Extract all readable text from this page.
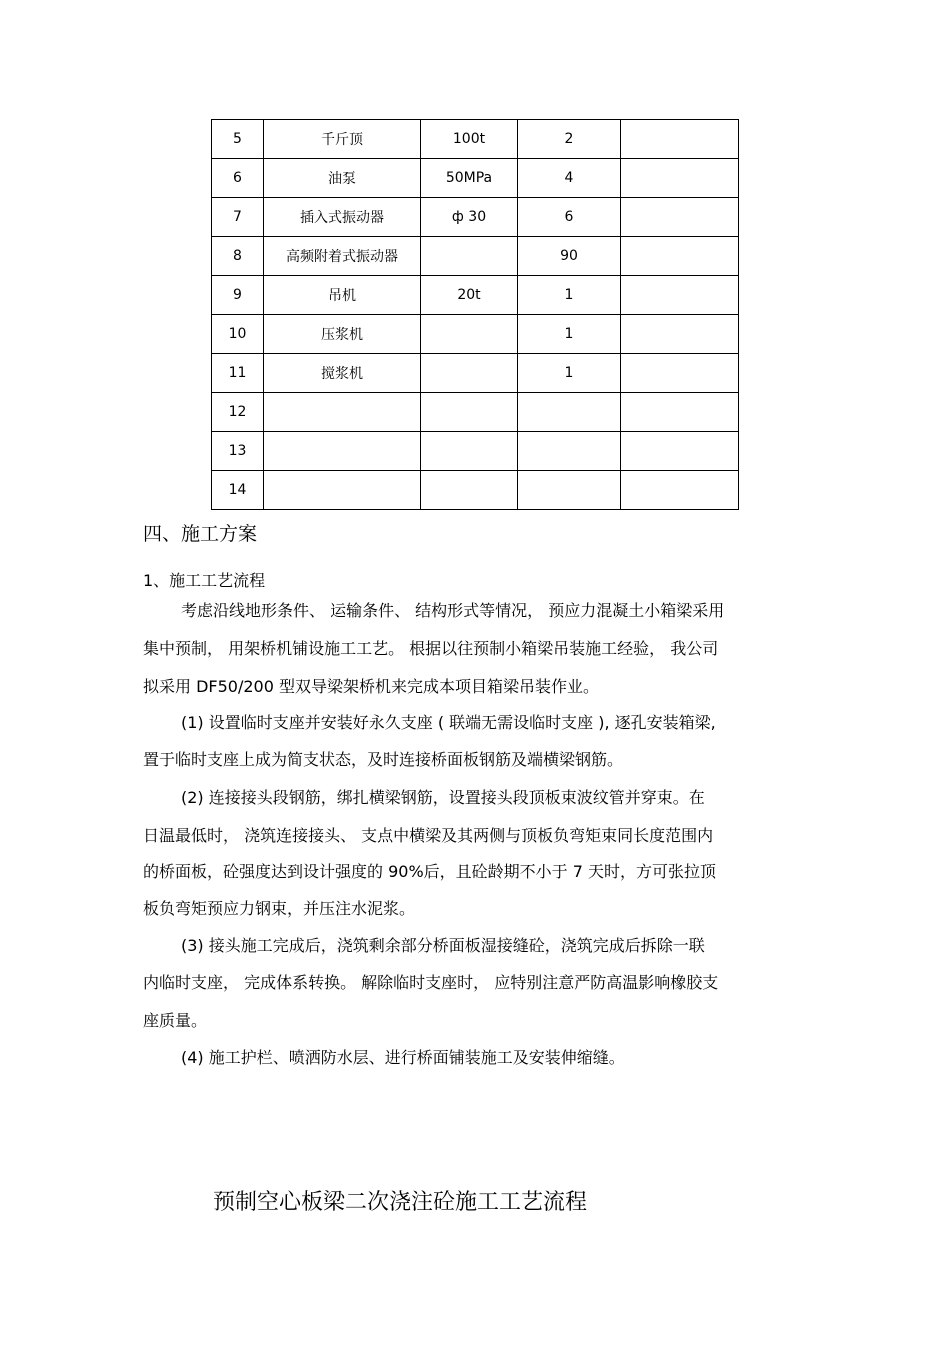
5	千斤顶	100t	2	
6	油泵	50MPa	4	
7	插入式振动器	ф 30	6	
8	高频附着式振动器		90	
9	吊机	20t	1	
10	压浆机		1	
11	搅浆机		1	
12				
13				
14				
四、施工方案
1、施工工艺流程
考虑沿线地形条件、 运输条件、 结构形式等情况， 预应力混凝土小箱梁采用
集中预制， 用架桥机铺设施工工艺。 根据以往预制小箱梁吊装施工经验， 我公司
拟采用 DF50/200 型双导梁架桥机来完成本项目箱梁吊装作业。
(1) 设置临时支座并安装好永久支座 ( 联端无需设临时支座 ), 逐孔安装箱梁,
置于临时支座上成为简支状态，及时连接桥面板钢筋及端横梁钢筋。
(2) 连接接头段钢筋，绑扎横梁钢筋，设置接头段顶板束波纹管并穿束。在
日温最低时， 浇筑连接接头、 支点中横梁及其两侧与顶板负弯矩束同长度范围内
的桥面板，砼强度达到设计强度的 90%后，且砼龄期不小于 7 天时，方可张拉顶
板负弯矩预应力钢束，并压注水泥浆。
(3) 接头施工完成后，浇筑剩余部分桥面板湿接缝砼，浇筑完成后拆除一联
内临时支座， 完成体系转换。 解除临时支座时， 应特别注意严防高温影响橡胶支
座质量。
(4) 施工护栏、喷洒防水层、进行桥面铺装施工及安装伸缩缝。
预制空心板梁二次浇注砼施工工艺流程
